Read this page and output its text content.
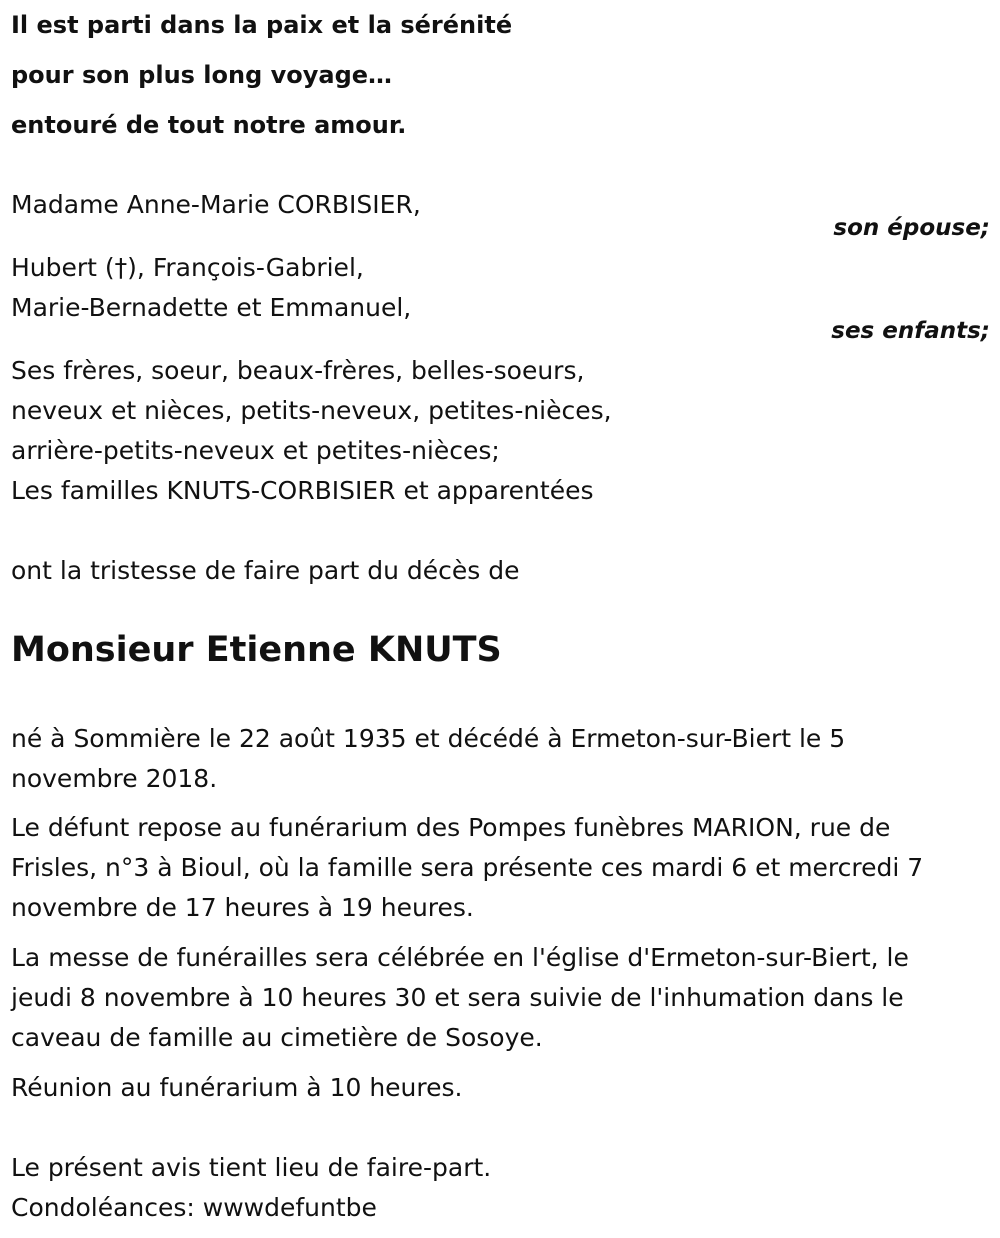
Il est parti dans la paix et la sérénité
pour son plus long voyage…
entouré de tout notre amour.
Madame Anne-Marie CORBISIER,
son épouse;
Hubert (†), François-Gabriel,
Marie-Bernadette et Emmanuel,
ses enfants;
Ses frères, soeur, beaux-frères, belles-soeurs,
neveux et nièces, petits-neveux, petites-nièces,
arrière-petits-neveux et petites-nièces;
Les familles KNUTS-CORBISIER et apparentées
ont la tristesse de faire part du décès de
Monsieur Etienne KNUTS
né à Sommière le 22 août 1935 et décédé à Ermeton-sur-Biert le 5
novembre 2018.
Le défunt repose au funérarium des Pompes funèbres MARION, rue de
Frisles, n°3 à Bioul, où la famille sera présente ces mardi 6 et mercredi 7
novembre de 17 heures à 19 heures.
La messe de funérailles sera célébrée en l'église d'Ermeton-sur-Biert, le
jeudi 8 novembre à 10 heures 30 et sera suivie de l'inhumation dans le
caveau de famille au cimetière de Sosoye.
Réunion au funérarium à 10 heures.
Le présent avis tient lieu de faire-part.
Condoléances: wwwdefuntbe
